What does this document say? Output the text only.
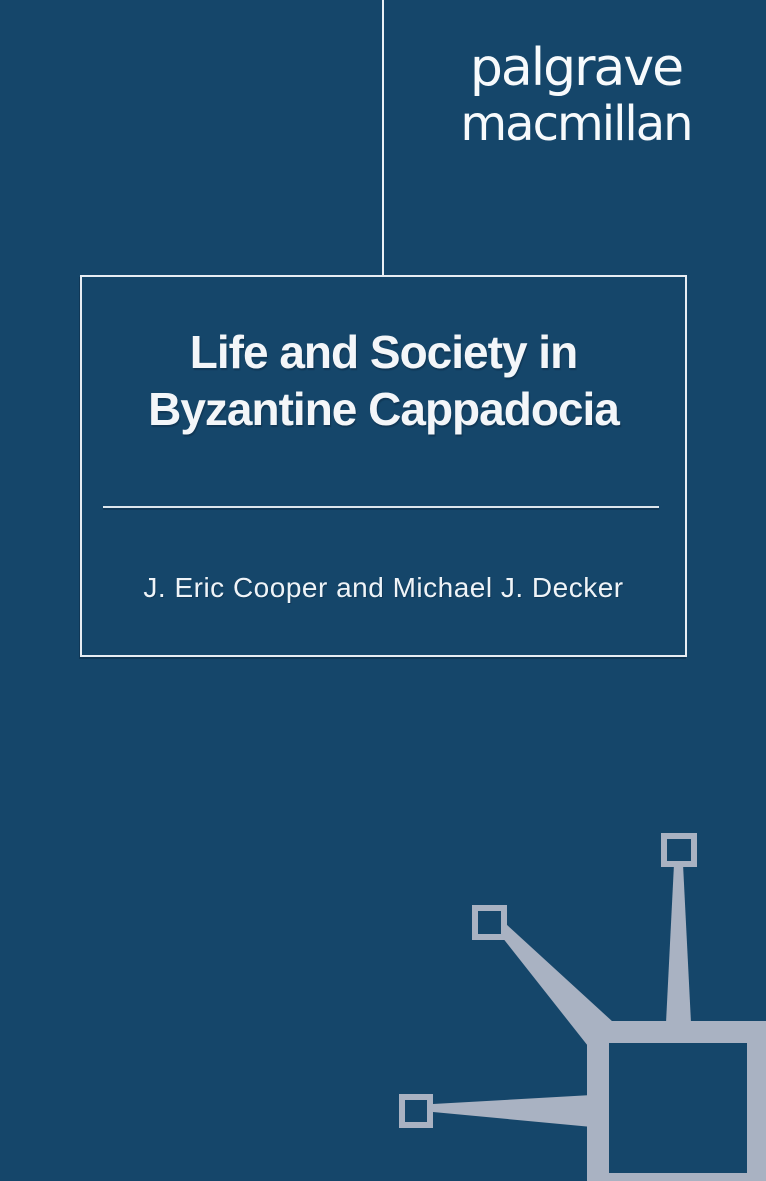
palgrave
macmillan
Life and Society in
Byzantine Cappadocia
J. Eric Cooper and Michael J. Decker
